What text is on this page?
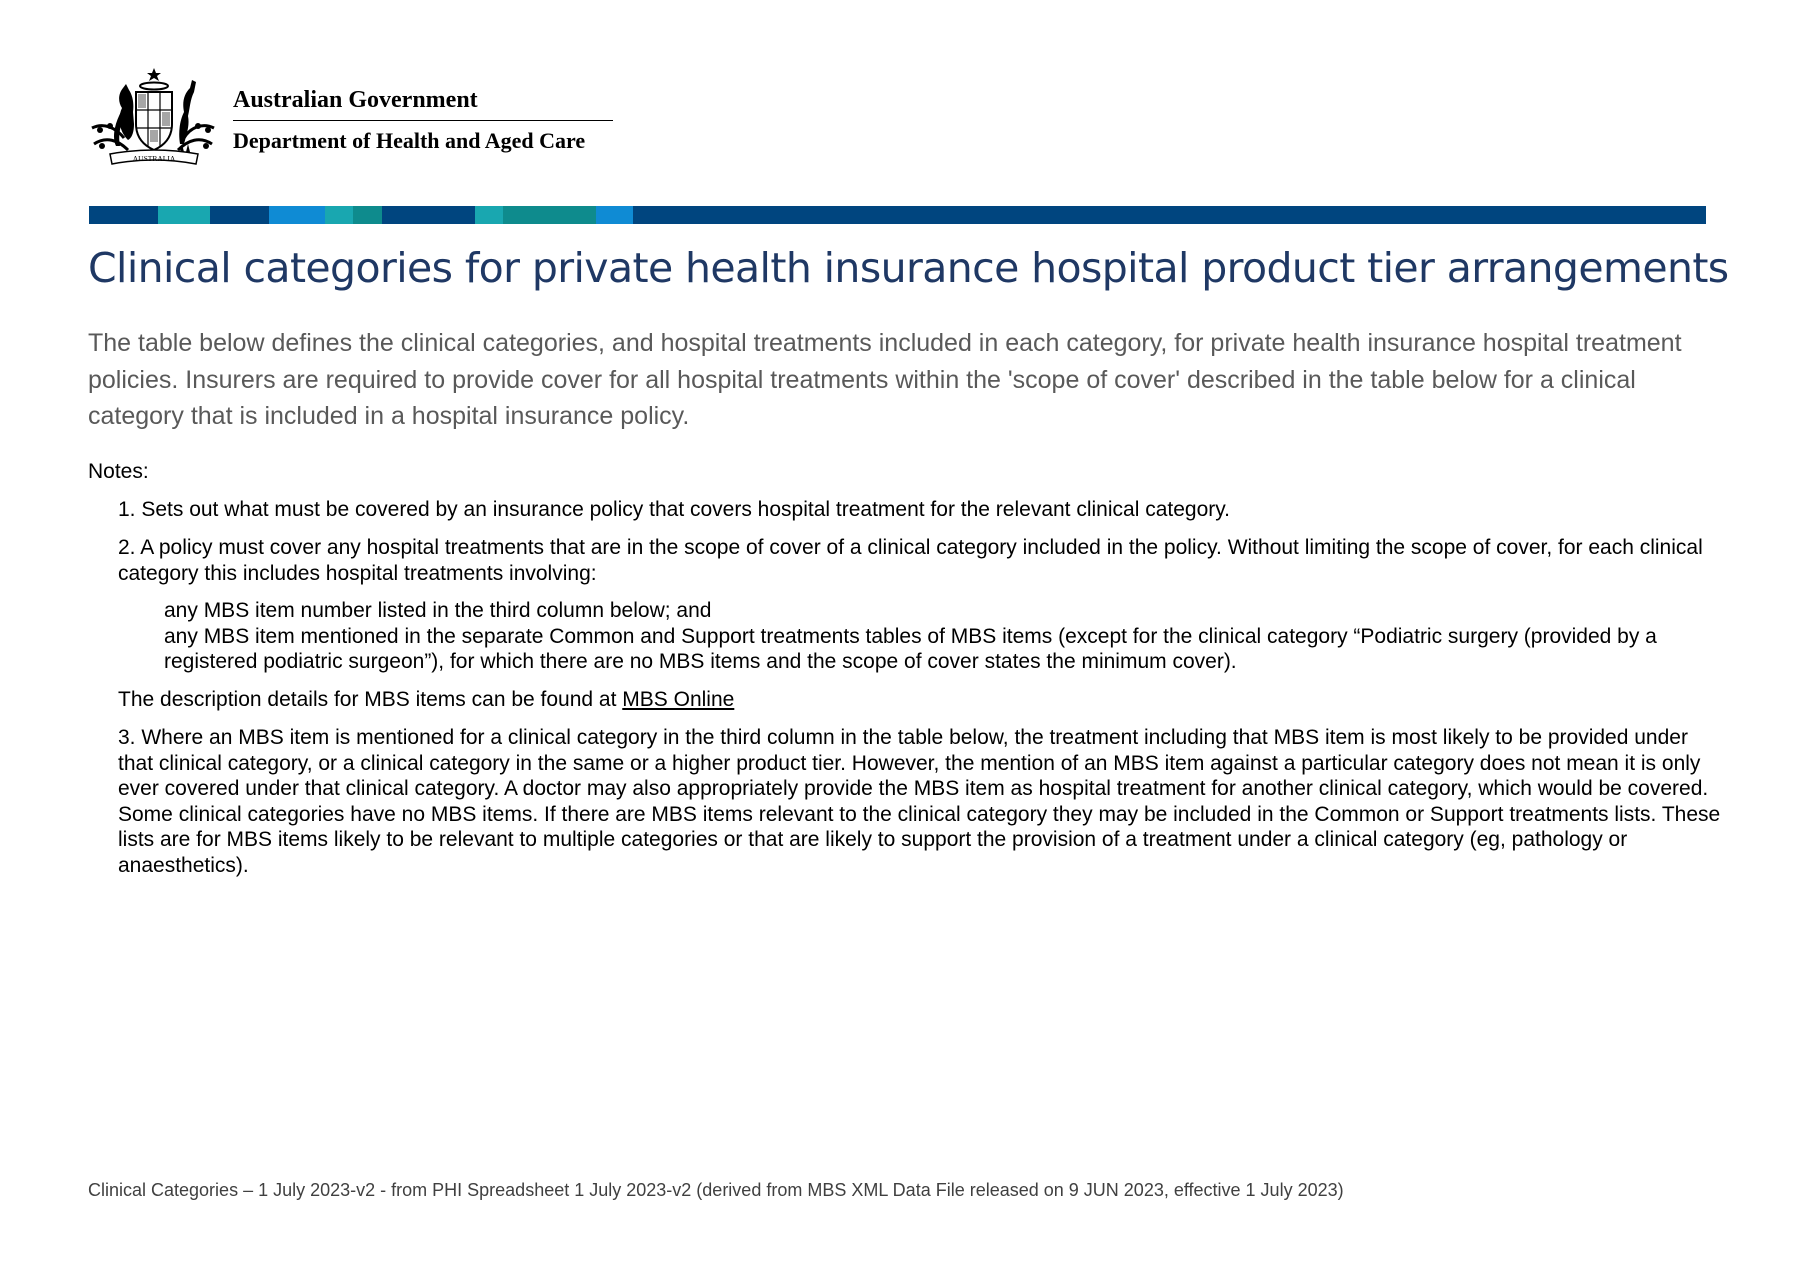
AUSTRALIA
Australian Government
Department of Health and Aged Care
Clinical categories for private health insurance hospital product tier arrangements

The table below defines the clinical categories, and hospital treatments included in each category, for private health insurance hospital treatment policies. Insurers are required to provide cover for all hospital treatments within the 'scope of cover' described in the table below for a clinical category that is included in a hospital insurance policy.

Notes:

1. Sets out what must be covered by an insurance policy that covers hospital treatment for the relevant clinical category.

2. A policy must cover any hospital treatments that are in the scope of cover of a clinical category included in the policy. Without limiting the scope of cover, for each clinical category this includes hospital treatments involving:

any MBS item number listed in the third column below; and

any MBS item mentioned in the separate Common and Support treatments tables of MBS items (except for the clinical category “Podiatric surgery (provided by a registered podiatric surgeon”), for which there are no MBS items and the scope of cover states the minimum cover).

The description details for MBS items can be found at MBS Online

3. Where an MBS item is mentioned for a clinical category in the third column in the table below, the treatment including that MBS item is most likely to be provided under that clinical category, or a clinical category in the same or a higher product tier. However, the mention of an MBS item against a particular category does not mean it is only ever covered under that clinical category. A doctor may also appropriately provide the MBS item as hospital treatment for another clinical category, which would be covered. Some clinical categories have no MBS items. If there are MBS items relevant to the clinical category they may be included in the Common or Support treatments lists. These lists are for MBS items likely to be relevant to multiple categories or that are likely to support the provision of a treatment under a clinical category (eg, pathology or anaesthetics).

Clinical Categories – 1 July 2023-v2 - from PHI Spreadsheet 1 July 2023-v2 (derived from MBS XML Data File released on 9 JUN 2023, effective 1 July 2023)
